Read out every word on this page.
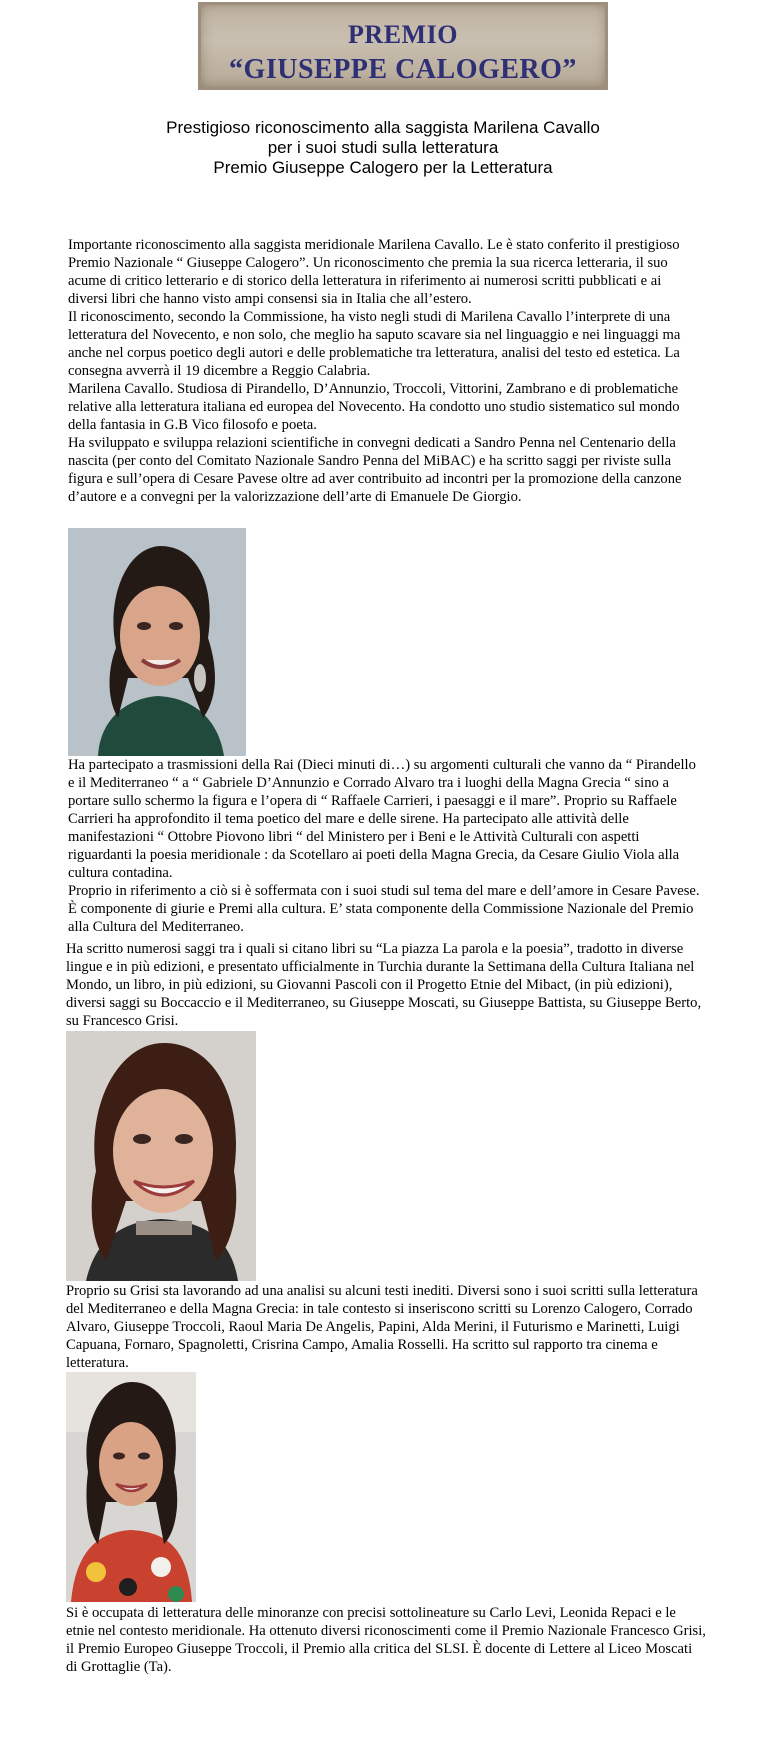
PREMIO
“GIUSEPPE CALOGERO”
Prestigioso riconoscimento alla saggista Marilena Cavallo
per i suoi studi sulla letteratura
Premio Giuseppe Calogero per la Letteratura

Importante riconoscimento alla saggista meridionale Marilena Cavallo. Le è stato conferito il prestigioso Premio Nazionale “ Giuseppe Calogero”. Un riconoscimento che premia la sua ricerca letteraria, il suo acume di critico letterario e di storico della letteratura in riferimento ai numerosi scritti pubblicati e ai diversi libri che hanno visto ampi consensi sia in Italia che all’estero.

Il riconoscimento, secondo la Commissione, ha visto negli studi di Marilena Cavallo l’interprete di una letteratura del Novecento, e non solo, che meglio ha saputo scavare sia nel linguaggio e nei linguaggi ma anche nel corpus poetico degli autori e delle problematiche tra letteratura, analisi del testo ed estetica. La consegna avverrà il 19 dicembre a Reggio Calabria.

Marilena Cavallo. Studiosa di Pirandello, D’Annunzio, Troccoli, Vittorini, Zambrano e di problematiche relative alla letteratura italiana ed europea del Novecento. Ha condotto uno studio sistematico sul mondo della fantasia in G.B Vico filosofo e poeta.

Ha sviluppato e sviluppa relazioni scientifiche in convegni dedicati a Sandro Penna nel Centenario della nascita (per conto del Comitato Nazionale Sandro Penna del MiBAC) e ha scritto saggi per riviste sulla figura e sull’opera di Cesare Pavese oltre ad aver contribuito ad incontri per la promozione della canzone d’autore e a convegni per la valorizzazione dell’arte di Emanuele De Giorgio.

Ha partecipato a trasmissioni della Rai (Dieci minuti di…) su argomenti culturali che vanno da “ Pirandello e il Mediterraneo “ a “ Gabriele D’Annunzio e Corrado Alvaro tra i luoghi della Magna Grecia “ sino a portare sullo schermo la figura e l’opera di “ Raffaele Carrieri, i paesaggi e il mare”. Proprio su Raffaele Carrieri ha approfondito il tema poetico del mare e delle sirene. Ha partecipato alle attività delle manifestazioni “ Ottobre Piovono libri “ del Ministero per i Beni e le Attività Culturali con aspetti riguardanti la poesia meridionale : da Scotellaro ai poeti della Magna Grecia, da Cesare Giulio Viola alla cultura contadina.

Proprio in riferimento a ciò si è soffermata con i suoi studi sul tema del mare e dell’amore in Cesare Pavese. È componente di giurie e Premi alla cultura. E’ stata componente della Commissione Nazionale del Premio alla Cultura del Mediterraneo.

Ha scritto numerosi saggi tra i quali si citano libri su “La piazza La parola e la poesia”, tradotto in diverse lingue e in più edizioni, e presentato ufficialmente in Turchia durante la Settimana della Cultura Italiana nel Mondo, un libro, in più edizioni, su Giovanni Pascoli con il Progetto Etnie del Mibact, (in più edizioni), diversi saggi su Boccaccio e il Mediterraneo, su Giuseppe Moscati, su Giuseppe Battista, su Giuseppe Berto, su Francesco Grisi.

Proprio su Grisi sta lavorando ad una analisi su alcuni testi inediti. Diversi sono i suoi scritti sulla letteratura del Mediterraneo e della Magna Grecia: in tale contesto si inseriscono scritti su Lorenzo Calogero, Corrado Alvaro, Giuseppe Troccoli, Raoul Maria De Angelis, Papini, Alda Merini, il Futurismo e Marinetti, Luigi Capuana, Fornaro, Spagnoletti, Crisrina Campo, Amalia Rosselli. Ha scritto sul rapporto tra cinema e letteratura.

Si è occupata di letteratura delle minoranze con precisi sottolineature su Carlo Levi, Leonida Repaci e le etnie nel contesto meridionale. Ha ottenuto diversi riconoscimenti come il Premio Nazionale Francesco Grisi, il Premio Europeo Giuseppe Troccoli, il Premio alla critica del SLSI. È docente di Lettere al Liceo Moscati di Grottaglie (Ta).
